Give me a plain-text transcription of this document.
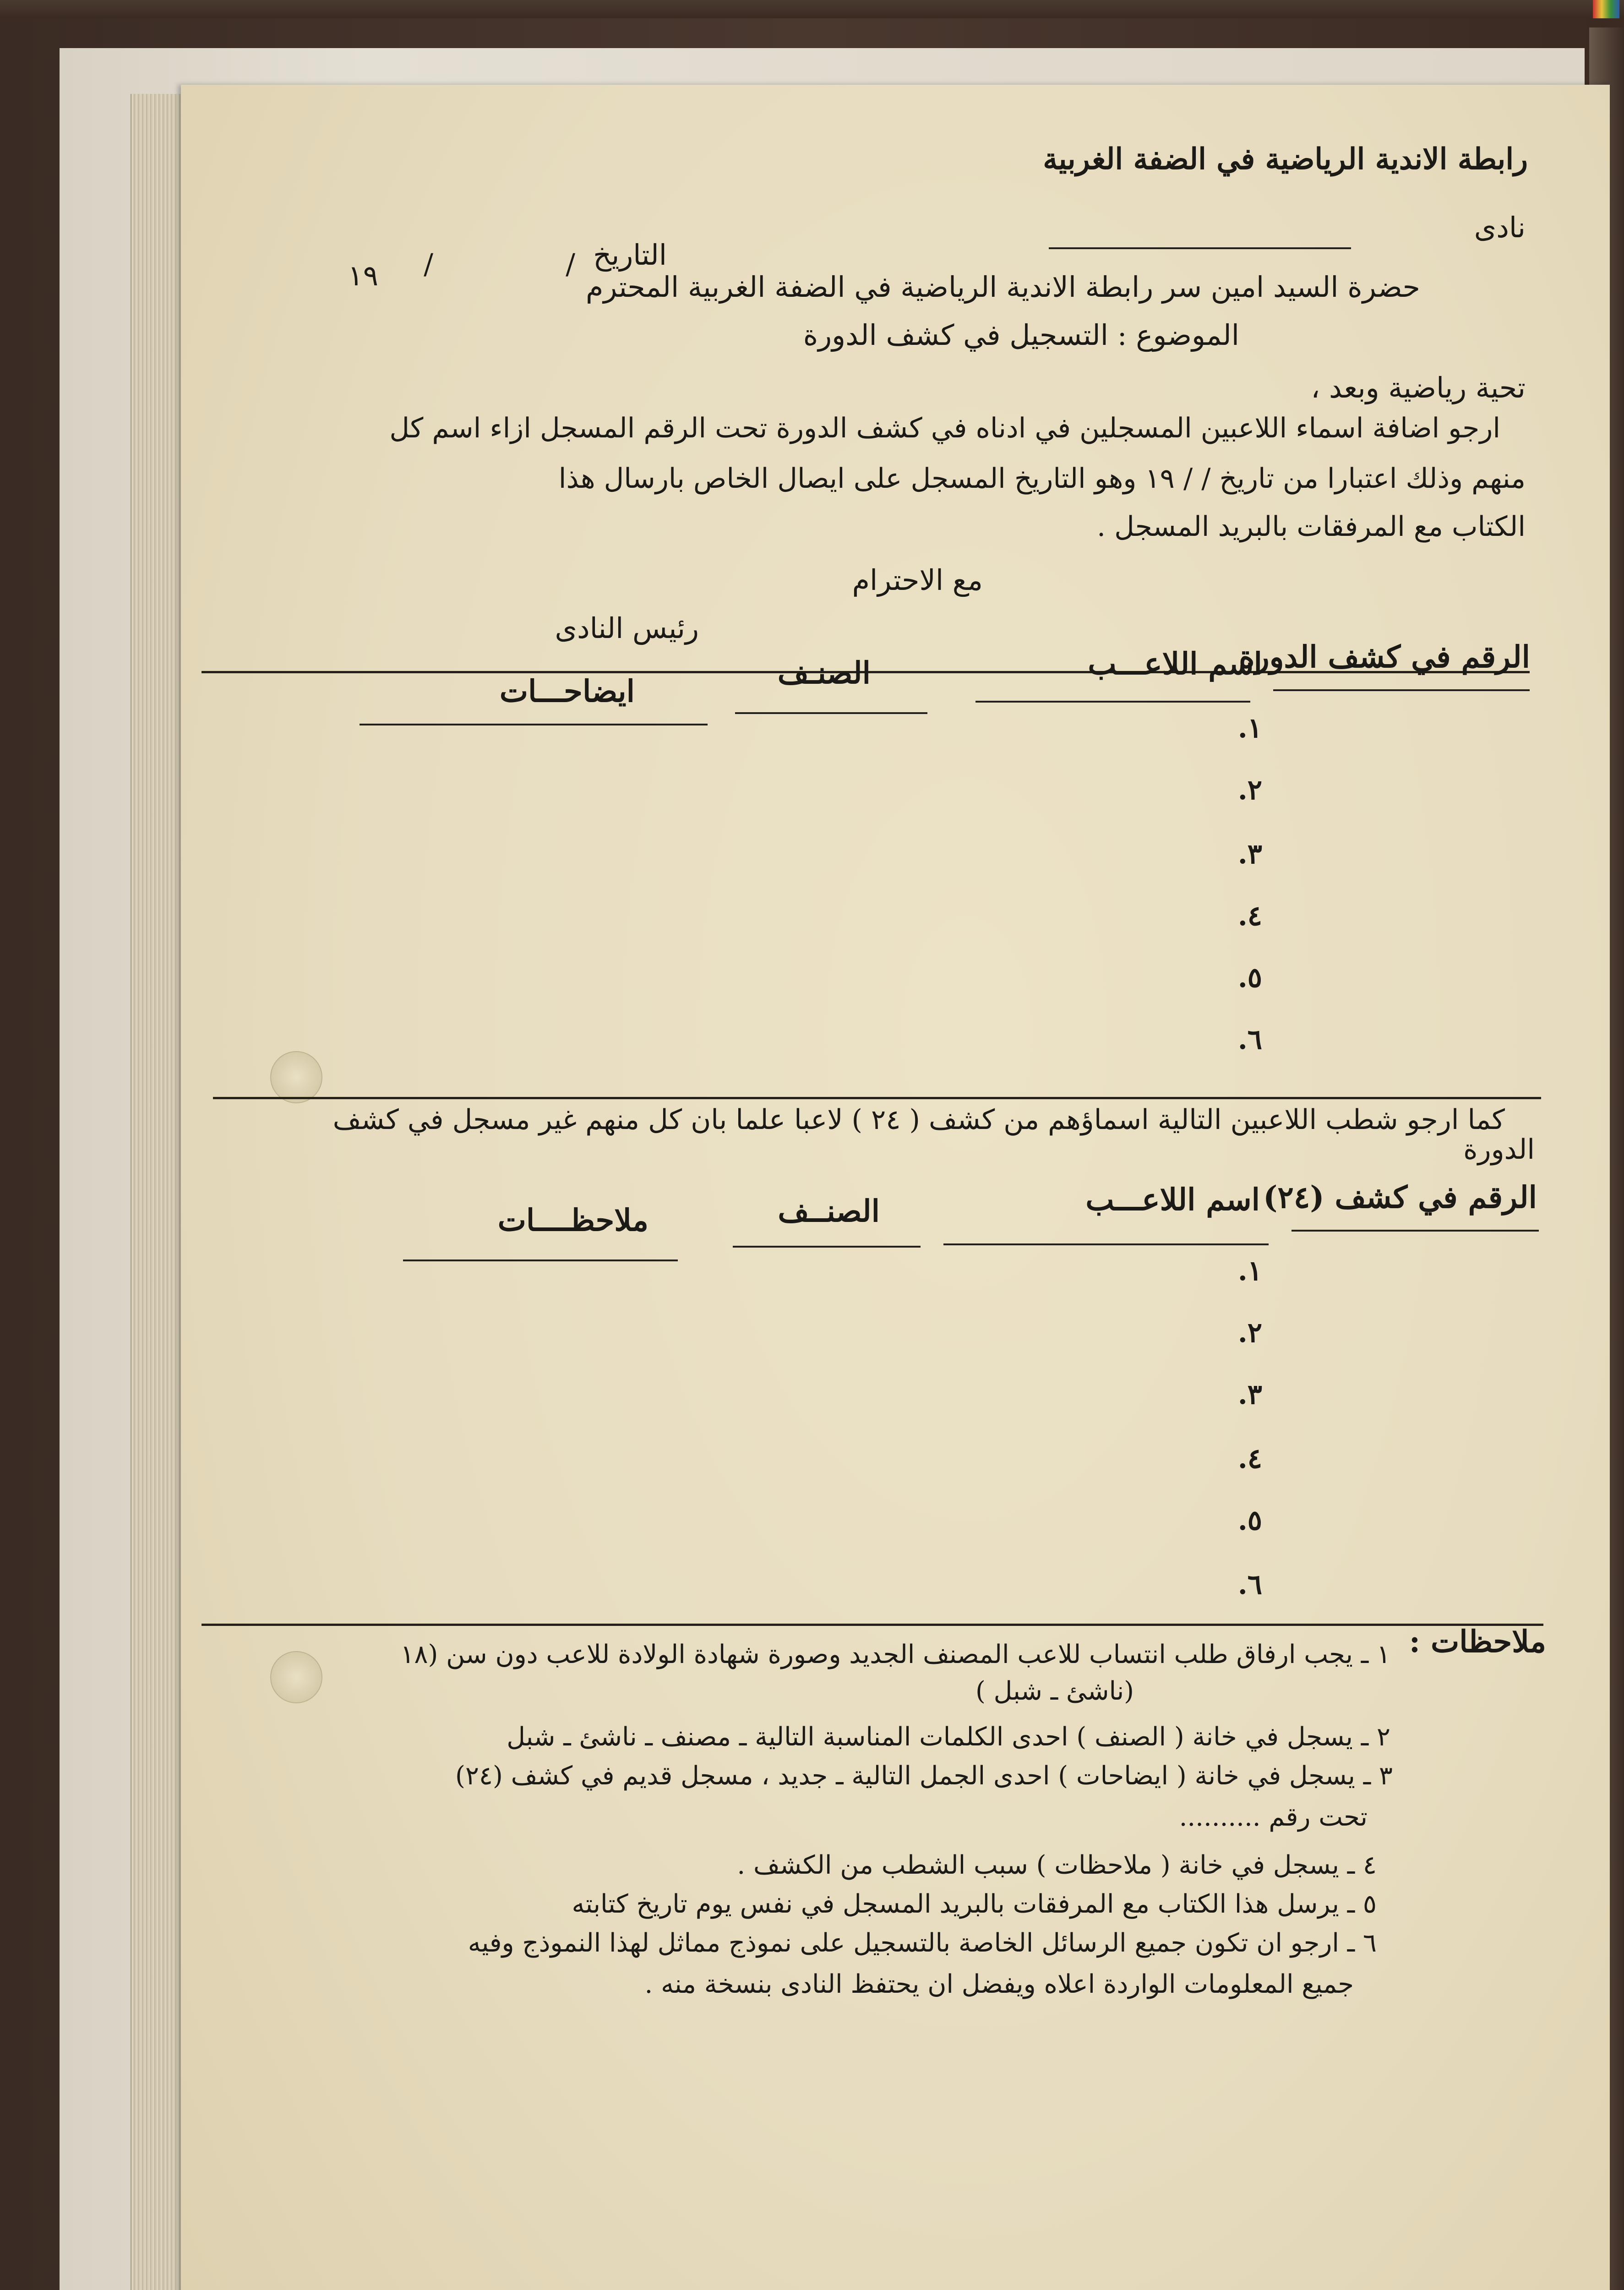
رابطة الاندية الرياضية في الضفة الغربية
نادى
التاريخ
/
/
١٩	حضرة السيد امين سر رابطة الاندية الرياضية في الضفة الغربية المحترم
الموضوع : التسجيل في كشف الدورة
تحية رياضية وبعد ،
ارجو اضافة اسماء اللاعبين المسجلين في ادناه في كشف الدورة تحت الرقم المسجل ازاء اسم كل
منهم وذلك اعتبارا من تاريخ / / ١٩ وهو التاريخ المسجل على ايصال الخاص بارسال هذا
الكتاب مع المرفقات بالبريد المسجل .
مع الاحترام
رئيس النادى
الرقم في كشف الدورة
اسم اللاعـــب
الصنـف
ايضاحـــات
١.
٢.
٣.
٤.
٥.
٦.
كما ارجو شطب اللاعبين التالية اسماؤهم من كشف ( ٢٤ ) لاعبا علما بان كل منهم غير مسجل في كشف
الدورة
الرقم في كشف (٢٤)
اسم اللاعـــب
الصنــف
ملاحظــــات
١.
٢.
٣.
٤.
٥.
٦.
ملاحظات :
١ ـ يجب ارفاق طلب انتساب للاعب المصنف الجديد وصورة شهادة الولادة للاعب دون سن (١٨
(ناشئ ـ شبل )
٢ ـ يسجل في خانة ( الصنف ) احدى الكلمات المناسبة التالية ـ مصنف ـ ناشئ ـ شبل
٣ ـ يسجل في خانة ( ايضاحات ) احدى الجمل التالية ـ جديد ، مسجل قديم في كشف (٢٤)
تحت رقم ..........
٤ ـ يسجل في خانة ( ملاحظات ) سبب الشطب من الكشف .
٥ ـ يرسل هذا الكتاب مع المرفقات بالبريد المسجل في نفس يوم تاريخ كتابته
٦ ـ ارجو ان تكون جميع الرسائل الخاصة بالتسجيل على نموذج مماثل لهذا النموذج وفيه
جميع المعلومات الواردة اعلاه ويفضل ان يحتفظ النادى بنسخة منه .
